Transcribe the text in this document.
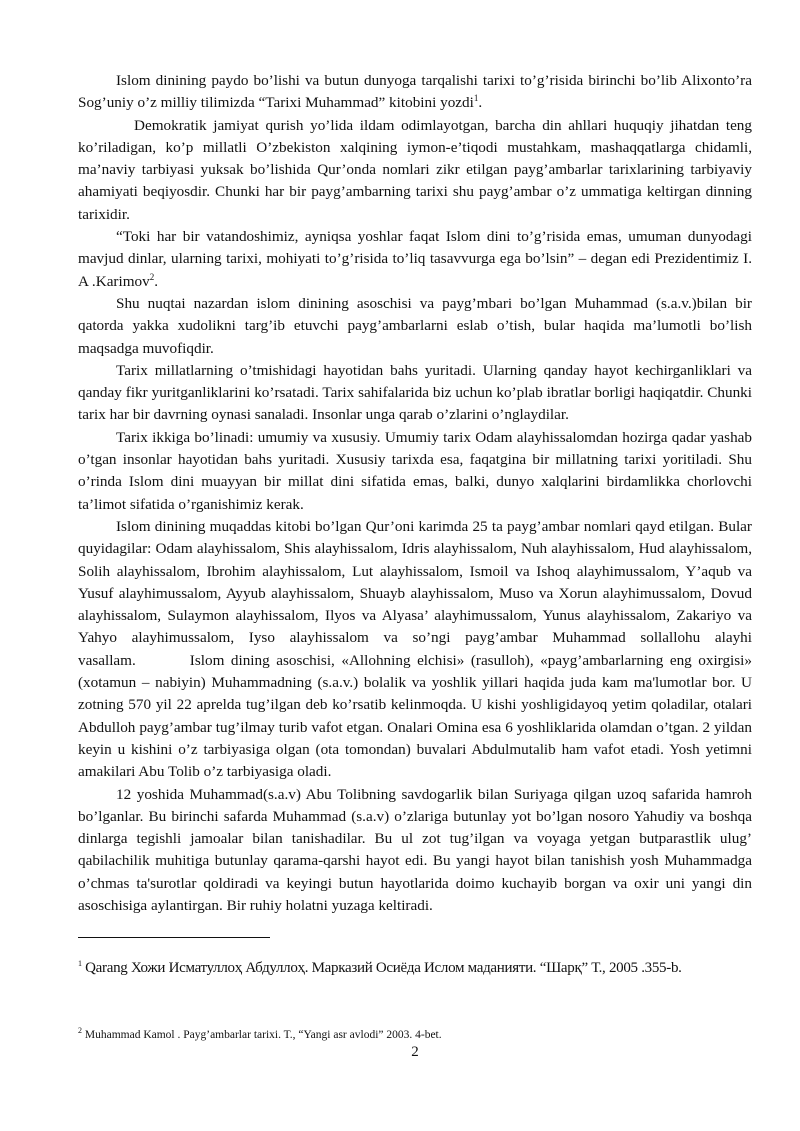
Islom dinining paydo bo’lishi va butun dunyoga tarqalishi tarixi to’g’risida birinchi bo’lib Alixonto’ra Sog’uniy o’z milliy tilimizda “Tarixi Muhammad” kitobini yozdi$^1$.

Demokratik jamiyat qurish yo’lida ildam odimlayotgan, barcha din ahllari huquqiy jihatdan teng ko’riladigan, ko’p millatli O’zbekiston xalqining iymon-e’tiqodi mustahkam, mashaqqatlarga chidamli, ma’naviy tarbiyasi yuksak bo’lishida Qur’onda nomlari zikr etilgan payg’ambarlar tarixlarining tarbiyaviy ahamiyati beqiyosdir. Chunki har bir payg’ambarning tarixi shu payg’ambar o’z ummatiga keltirgan dinning tarixidir.

“Toki har bir vatandoshimiz, ayniqsa yoshlar faqat Islom dini to’g’risida emas, umuman dunyodagi mavjud dinlar, ularning tarixi, mohiyati to’g’risida to’liq tasavvurga ega bo’lsin” – degan edi Prezidentimiz I. A .Karimov$^2$.

Shu nuqtai nazardan islom dinining asoschisi va payg’mbari bo’lgan Muhammad (s.a.v.)bilan bir qatorda yakka xudolikni targ’ib etuvchi payg’ambarlarni eslab o’tish, bular haqida ma’lumotli bo’lish maqsadga muvofiqdir.

Tarix millatlarning o’tmishidagi hayotidan bahs yuritadi. Ularning qanday hayot kechirganliklari va qanday fikr yuritganliklarini ko’rsatadi. Tarix sahifalarida biz uchun ko’plab ibratlar borligi haqiqatdir. Chunki tarix har bir davrning oynasi sanaladi. Insonlar unga qarab o’zlarini o’nglaydilar.

Tarix ikkiga bo’linadi: umumiy va xususiy. Umumiy tarix Odam alayhissalomdan hozirga qadar yashab o’tgan insonlar hayotidan bahs yuritadi. Xususiy tarixda esa, faqatgina bir millatning tarixi yoritiladi. Shu o’rinda Islom dini muayyan bir millat dini sifatida emas, balki, dunyo xalqlarini birdamlikka chorlovchi ta’limot sifatida o’rganishimiz kerak.

Islom dinining muqaddas kitobi bo’lgan Qur’oni karimda 25 ta payg’ambar nomlari qayd etilgan. Bular quyidagilar: Odam alayhissalom, Shis alayhissalom, Idris alayhissalom, Nuh alayhissalom, Hud alayhissalom, Solih alayhissalom, Ibrohim alayhissalom, Lut alayhissalom, Ismoil va Ishoq alayhimussalom, Y’aqub va Yusuf alayhimussalom, Ayyub alayhissalom, Shuayb alayhissalom, Muso va Xorun alayhimussalom, Dovud alayhissalom, Sulaymon alayhissalom, Ilyos va Alyasa’ alayhimussalom, Yunus alayhissalom, Zakariyo va Yahyo alayhimussalom, Iyso alayhissalom va so’ngi payg’ambar Muhammad sollallohu alayhi vasallam.	Islom dining asoschisi, «Allohning elchisi» (rasulloh), «payg’ambarlarning eng oxirgisi» (xotamun – nabiyin) Muhammadning (s.a.v.) bolalik va yoshlik yillari haqida juda kam ma'lumotlar bor. U zotning 570 yil 22 aprelda tug’ilgan deb ko’rsatib kelinmoqda. U kishi yoshligidayoq yetim qoladilar, otalari Abdulloh payg’ambar tug’ilmay turib vafot etgan. Onalari Omina esa 6 yoshliklarida olamdan o’tgan. 2 yildan keyin u kishini o’z tarbiyasiga olgan (ota tomondan) buvalari Abdulmutalib ham vafot etadi. Yosh yetimni amakilari Abu Tolib o’z tarbiyasiga oladi.

12 yoshida Muhammad(s.a.v) Abu Tolibning savdogarlik bilan Suriyaga qilgan uzoq safarida hamroh bo’lganlar. Bu birinchi safarda Muhammad (s.a.v) o’zlariga butunlay yot bo’lgan nosoro Yahudiy va boshqa dinlarga tegishli jamoalar bilan tanishadilar. Bu ul zot tug’ilgan va voyaga yetgan butparastlik ulug’ qabilachilik muhitiga butunlay qarama-qarshi hayot edi. Bu yangi hayot bilan tanishish yosh Muhammadga o’chmas ta'surotlar qoldiradi va keyingi butun hayotlarida doimo kuchayib borgan va oxir uni yangi din asoschisiga aylantirgan. Bir ruhiy holatni yuzaga keltiradi.

$^1$ Qarang Хожи Исматуллоҳ Абдуллоҳ. Марказий Осиёда Ислом маданияти. “Шарқ” Т., 2005 .355-b.

$^2$ Muhammad Kamol . Payg’ambarlar tarixi. T., “Yangi asr avlodi” 2003. 4-bet.

2
